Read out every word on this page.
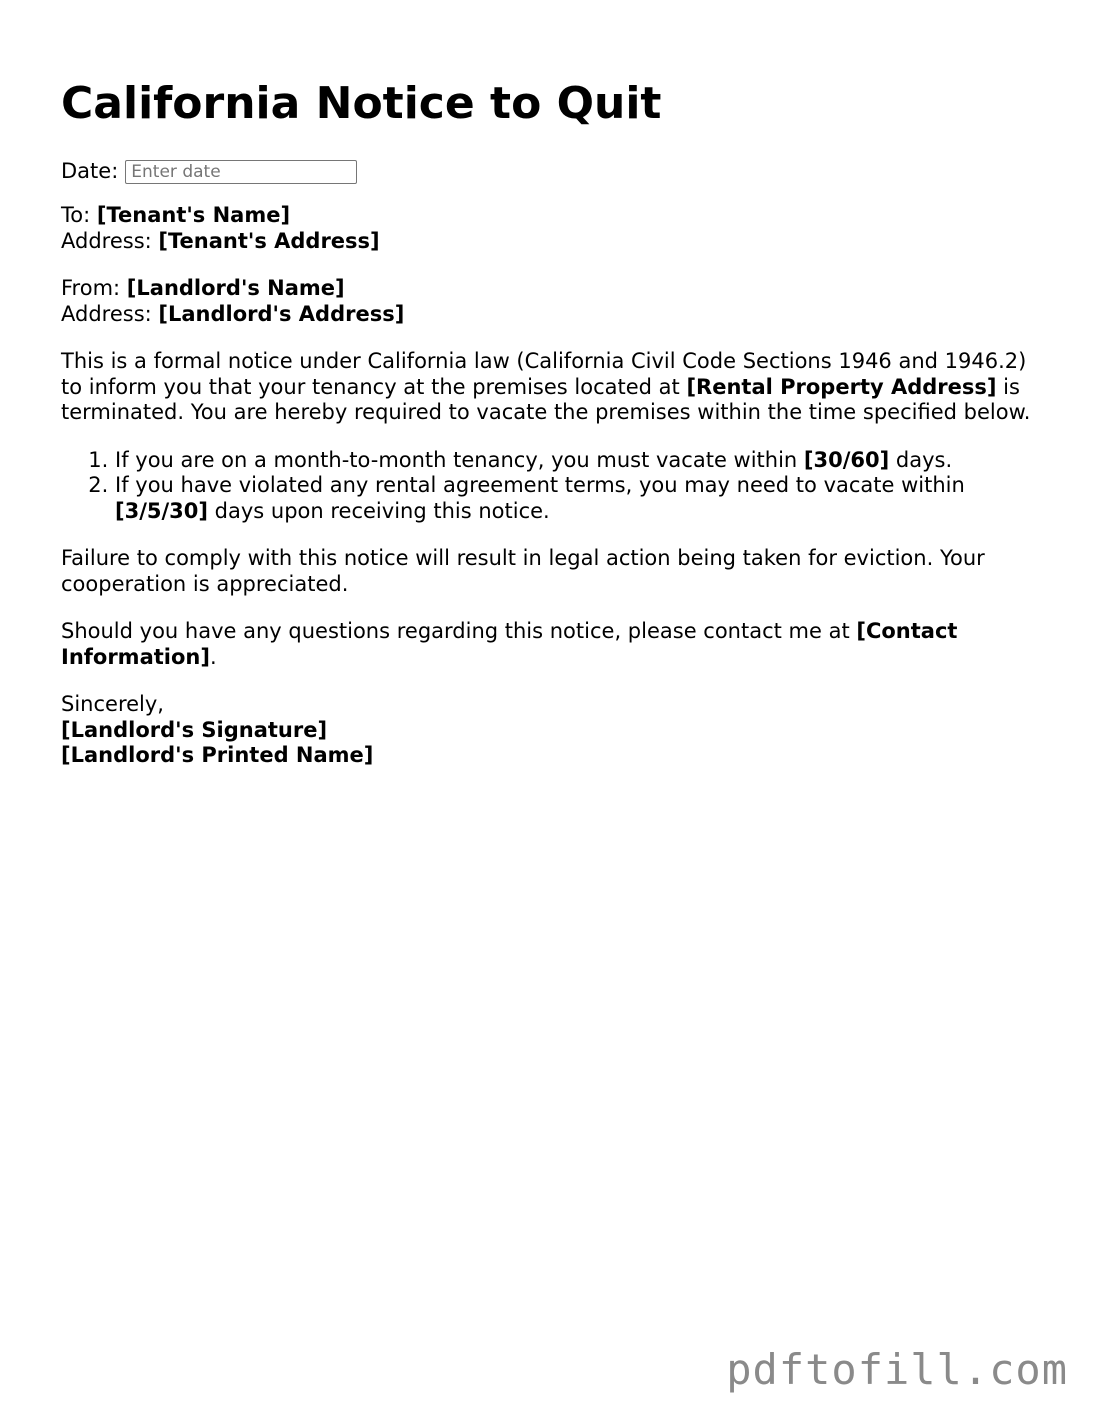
California Notice to Quit
Date:
Enter date

To: [Tenant's Name]
Address: [Tenant's Address]

From: [Landlord's Name]
Address: [Landlord's Address]

This is a formal notice under California law (California Civil Code Sections 1946 and 1946.2) to inform you that your tenancy at the premises located at [Rental Property Address] is terminated. You are hereby required to vacate the premises within the time specified below.

1. If you are on a month-to-month tenancy, you must vacate within [30/60] days.
2. If you have violated any rental agreement terms, you may need to vacate within [3/5/30] days upon receiving this notice.

Failure to comply with this notice will result in legal action being taken for eviction. Your cooperation is appreciated.

Should you have any questions regarding this notice, please contact me at [Contact Information].

Sincerely,
[Landlord's Signature]
[Landlord's Printed Name]

pdftofill.com
